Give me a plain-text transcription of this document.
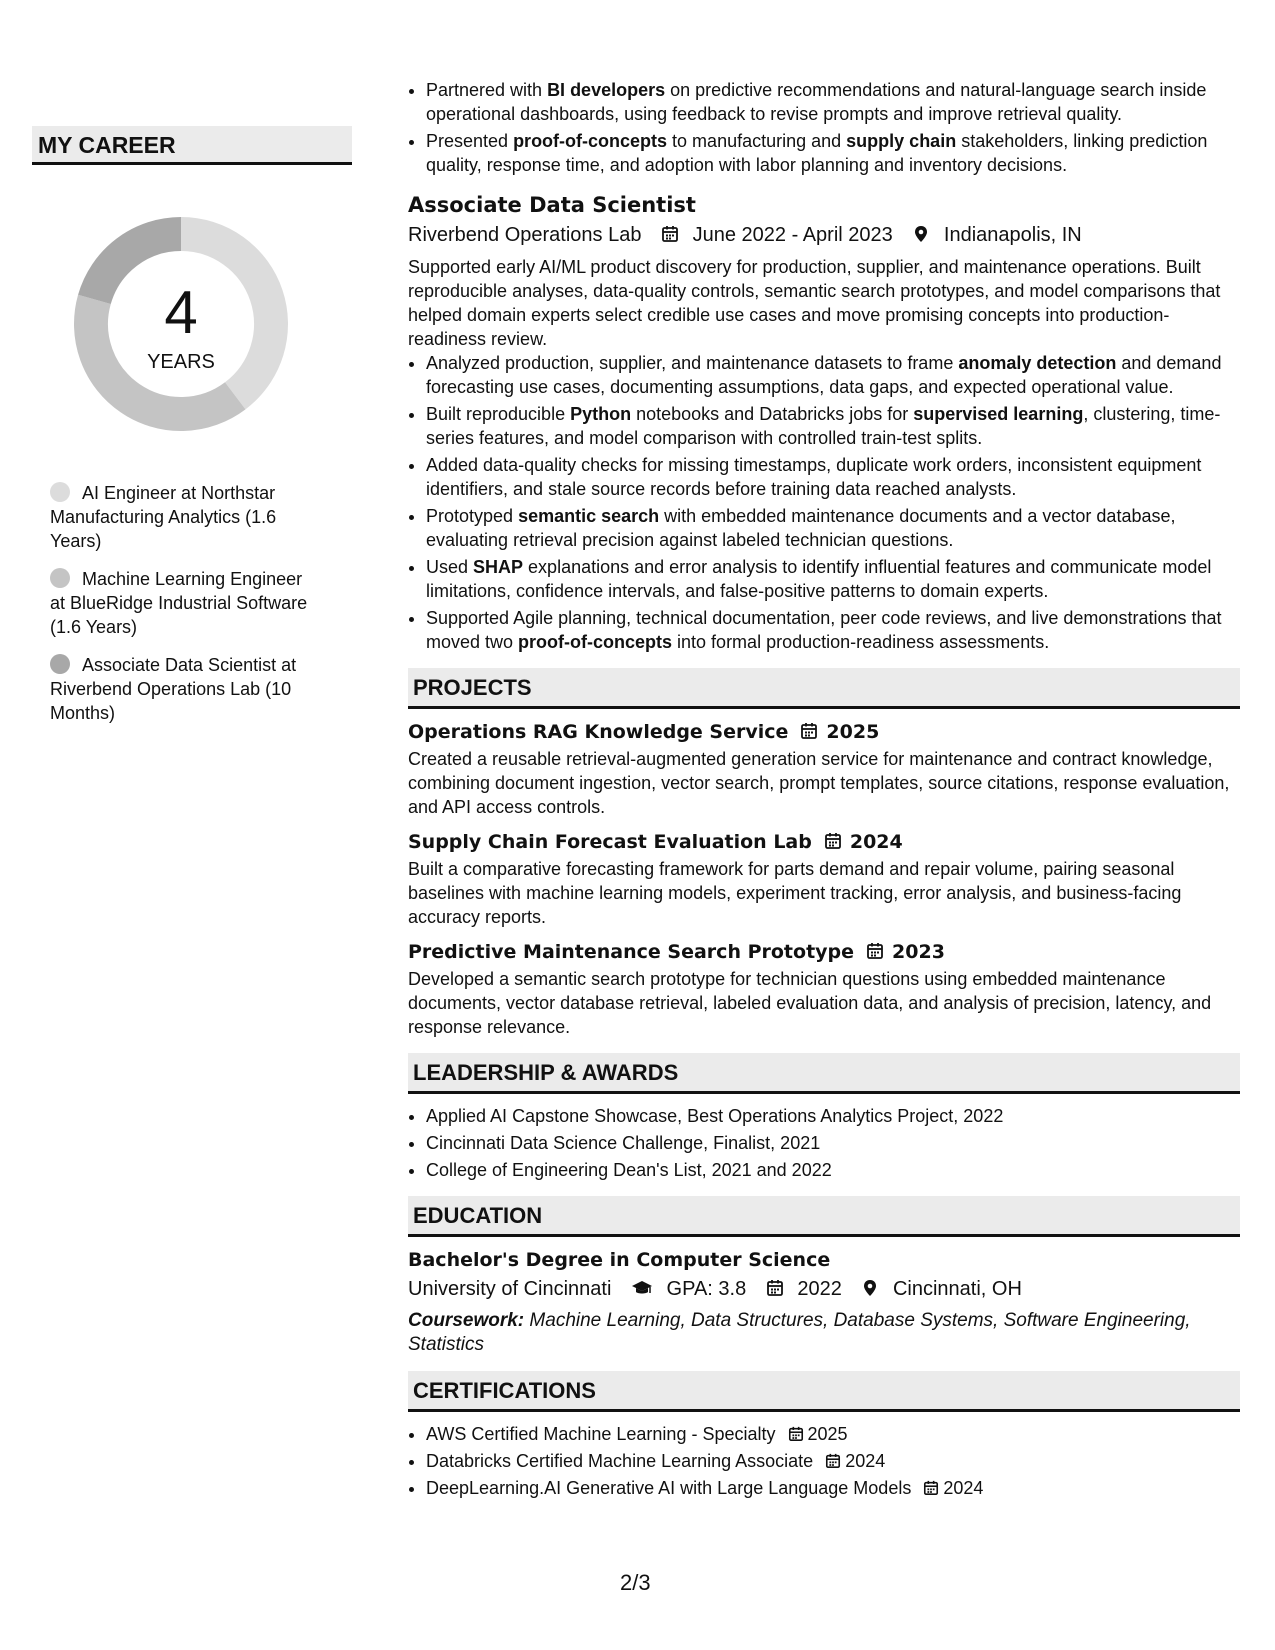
MY CAREER
4
YEARS
AI Engineer at Northstar Manufacturing Analytics (1.6 Years)
Machine Learning Engineer at BlueRidge Industrial Software (1.6 Years)
Associate Data Scientist at Riverbend Operations Lab (10 Months)
• Partnered with BI developers on predictive recommendations and natural-language search inside operational dashboards, using feedback to revise prompts and improve retrieval quality.
• Presented proof-of-concepts to manufacturing and supply chain stakeholders, linking prediction quality, response time, and adoption with labor planning and inventory decisions.
Associate Data Scientist
Riverbend Operations Lab	June 2022 - April 2023	Indianapolis, IN
Supported early AI/ML product discovery for production, supplier, and maintenance operations. Built reproducible analyses, data-quality controls, semantic search prototypes, and model comparisons that helped domain experts select credible use cases and move promising concepts into production-readiness review.
• Analyzed production, supplier, and maintenance datasets to frame anomaly detection and demand forecasting use cases, documenting assumptions, data gaps, and expected operational value.
• Built reproducible Python notebooks and Databricks jobs for supervised learning, clustering, time-series features, and model comparison with controlled train-test splits.
• Added data-quality checks for missing timestamps, duplicate work orders, inconsistent equipment identifiers, and stale source records before training data reached analysts.
• Prototyped semantic search with embedded maintenance documents and a vector database, evaluating retrieval precision against labeled technician questions.
• Used SHAP explanations and error analysis to identify influential features and communicate model limitations, confidence intervals, and false-positive patterns to domain experts.
• Supported Agile planning, technical documentation, peer code reviews, and live demonstrations that moved two proof-of-concepts into formal production-readiness assessments.
PROJECTS
Operations RAG Knowledge Service 2025
Created a reusable retrieval-augmented generation service for maintenance and contract knowledge, combining document ingestion, vector search, prompt templates, source citations, response evaluation, and API access controls.
Supply Chain Forecast Evaluation Lab 2024
Built a comparative forecasting framework for parts demand and repair volume, pairing seasonal baselines with machine learning models, experiment tracking, error analysis, and business-facing accuracy reports.
Predictive Maintenance Search Prototype 2023
Developed a semantic search prototype for technician questions using embedded maintenance documents, vector database retrieval, labeled evaluation data, and analysis of precision, latency, and response relevance.
LEADERSHIP & AWARDS
• Applied AI Capstone Showcase, Best Operations Analytics Project, 2022
• Cincinnati Data Science Challenge, Finalist, 2021
• College of Engineering Dean's List, 2021 and 2022
EDUCATION
Bachelor's Degree in Computer Science
University of Cincinnati	GPA: 3.8	2022	Cincinnati, OH
Coursework: Machine Learning, Data Structures, Database Systems, Software Engineering, Statistics
CERTIFICATIONS
• AWS Certified Machine Learning - Specialty 2025
• Databricks Certified Machine Learning Associate 2024
• DeepLearning.AI Generative AI with Large Language Models 2024
2/3
